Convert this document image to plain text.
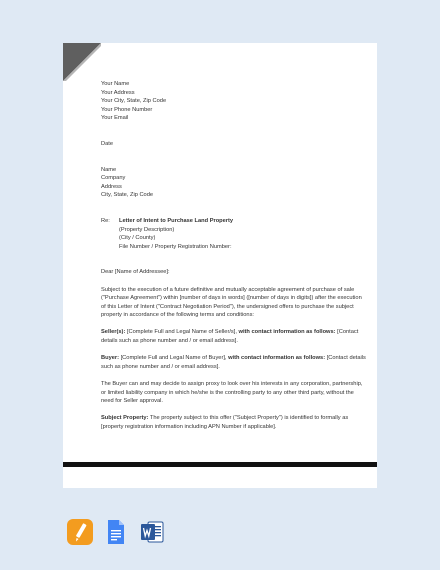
Your Name
Your Address
Your City, State, Zip Code
Your Phone Number
Your Email
Date
Name
Company
Address
City, State, Zip Code
Re:	Letter of Intent to Purchase Land Property
(Property Description)
(City / County)
File Number / Property Registration Number:
Dear [Name of Addressee]:
Subject to the execution of a future definitive and mutually acceptable agreement of purchase of sale ("Purchase Agreement") within [number of days in words] ([number of days in digits]) after the execution of this Letter of Intent ("Contract Negotiation Period"), the undersigned offers to purchase the subject property in accordance of the following terms and conditions:
Seller(s): [Complete Full and Legal Name of Seller/s], with contact information as follows: [Contact details such as phone number and / or email address].
Buyer: [Complete Full and Legal Name of Buyer], with contact information as follows: [Contact details such as phone number and / or email address].
The Buyer can and may decide to assign proxy to look over his interests in any corporation, partnership, or limited liability company in which he/she is the controlling party to any other third party, without the need for Seller approval.
Subject Property: The property subject to this offer ("Subject Property") is identified to formally as [property registration information including APN Number if applicable].
